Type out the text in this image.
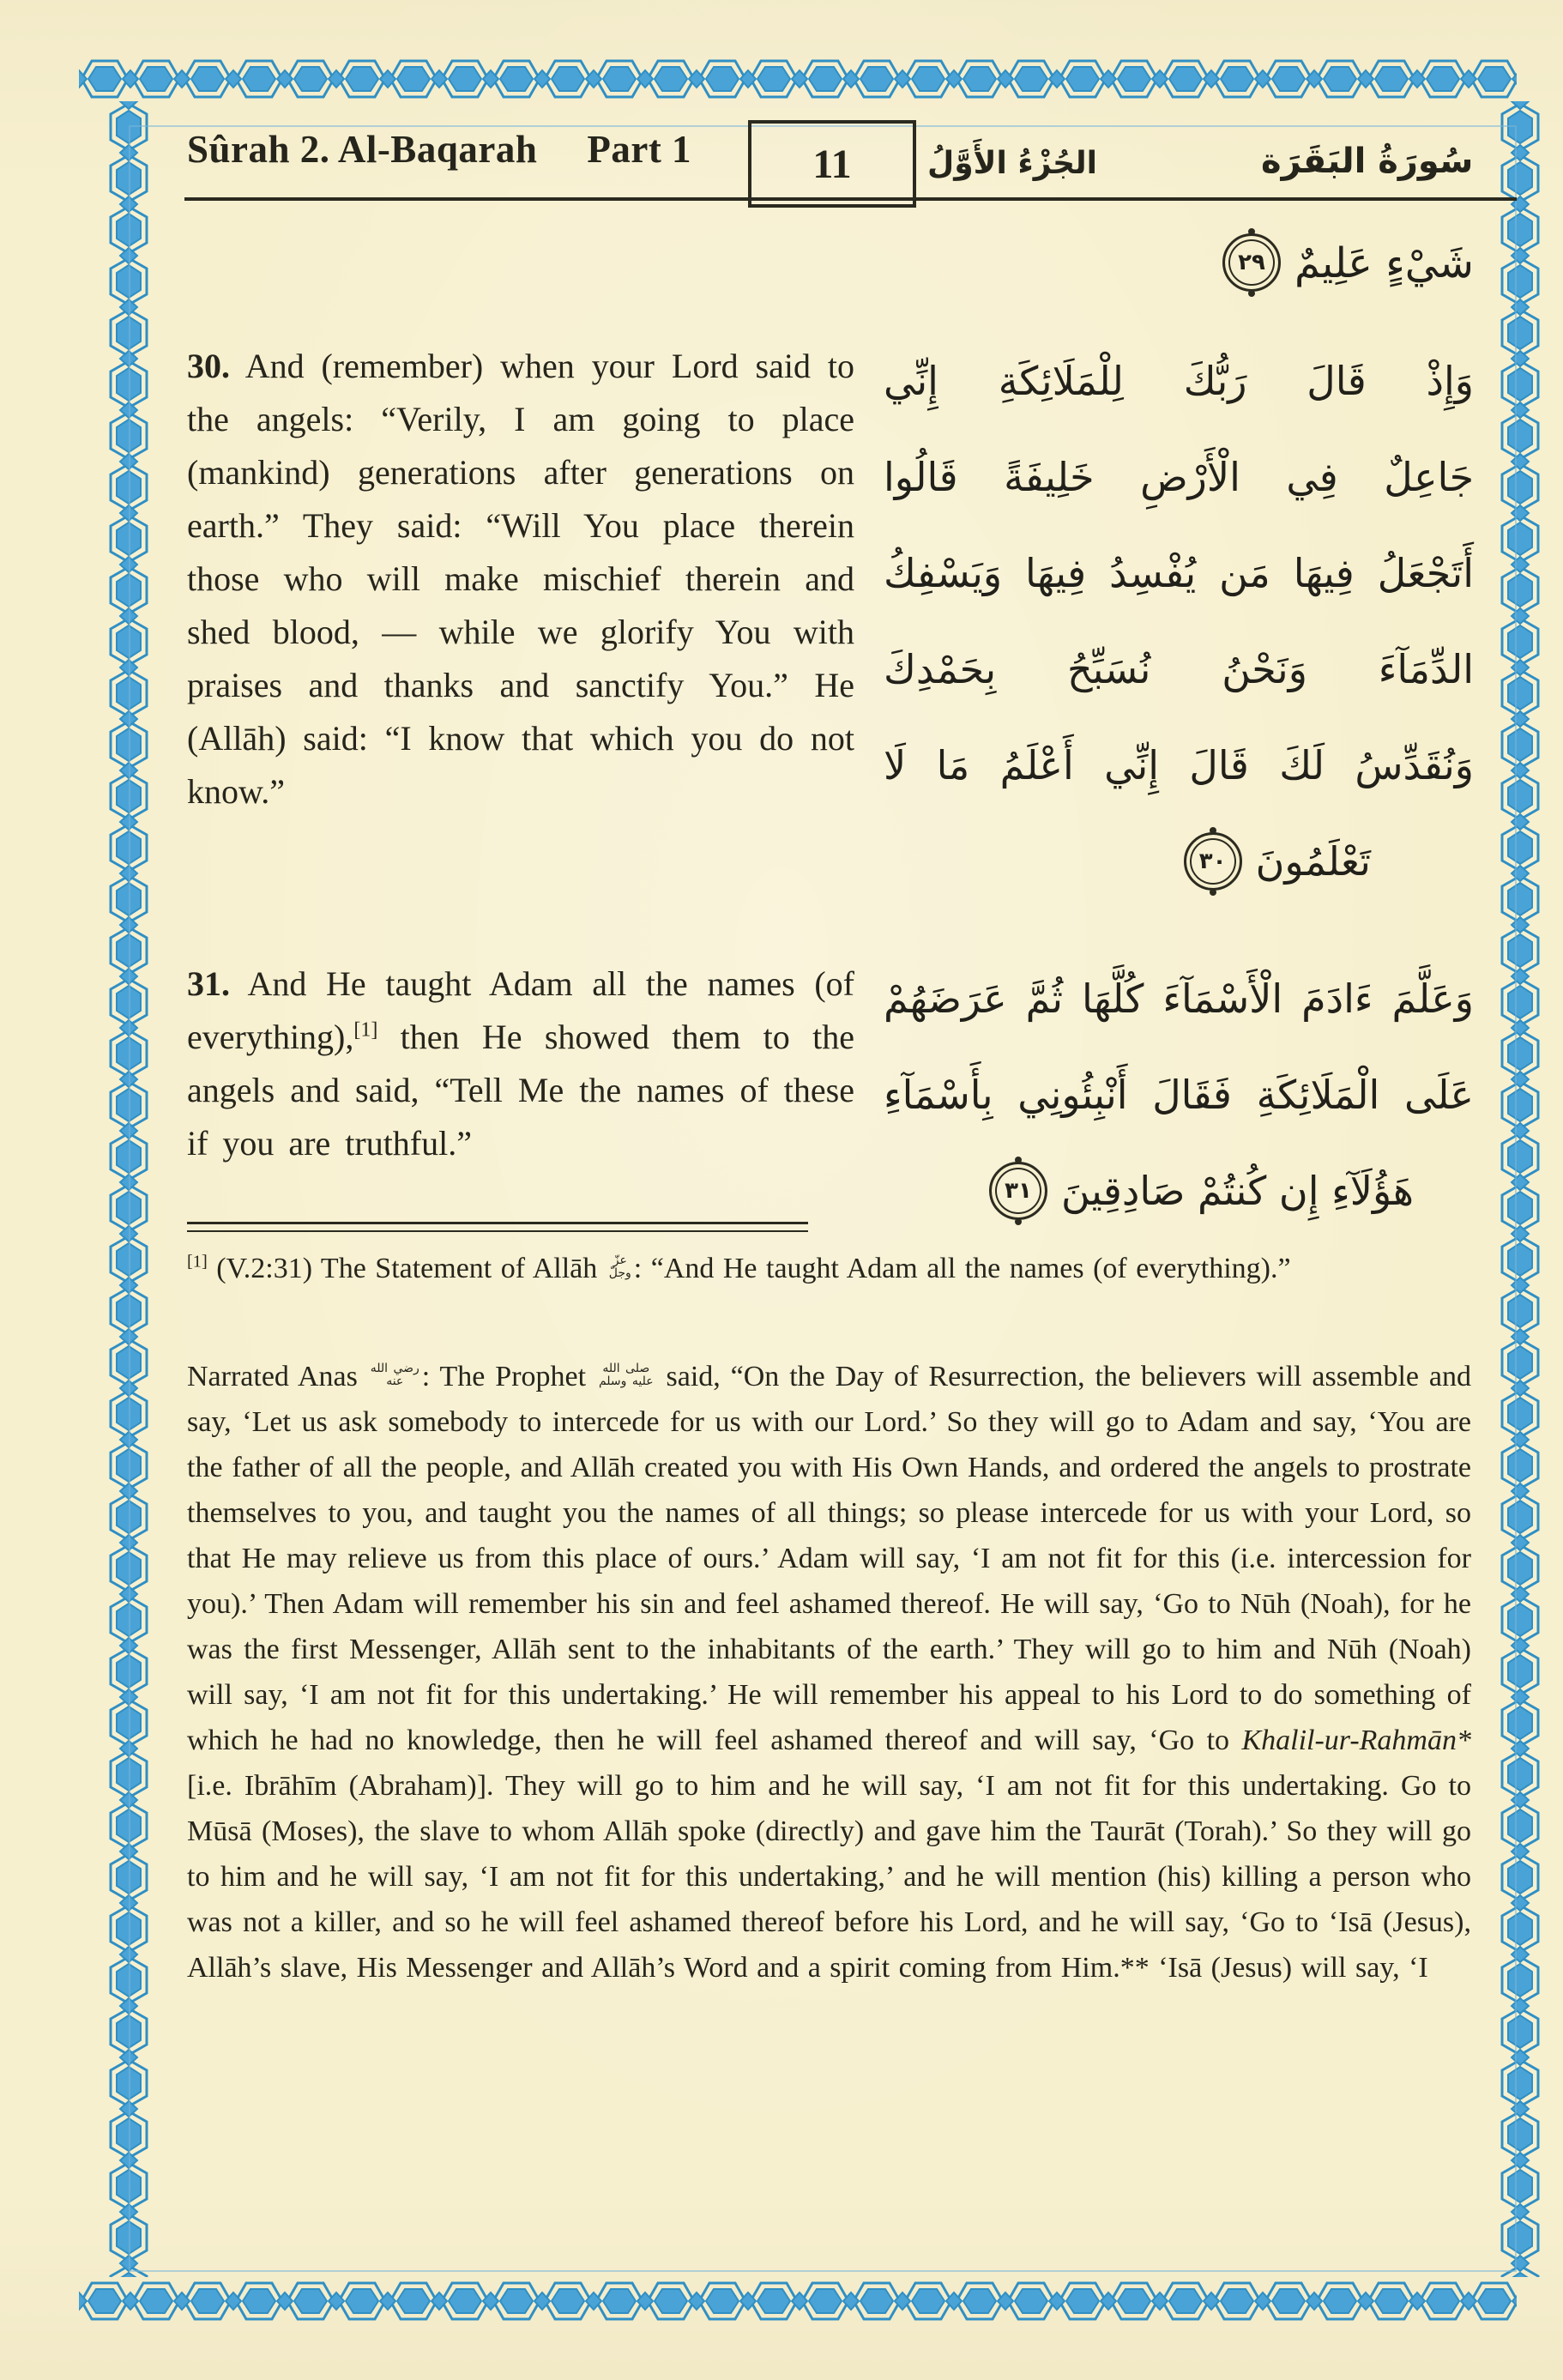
Sûrah 2. Al-Baqarah Part 1	11 الجُزْءُ الأَوَّلُ	سُورَةُ البَقَرَة
شَيْءٍ عَلِيمٌ
٢٩
وَإِذْ قَالَ رَبُّكَ لِلْمَلَائِكَةِ إِنِّي
جَاعِلٌ فِي الْأَرْضِ خَلِيفَةً قَالُوا
أَتَجْعَلُ فِيهَا مَن يُفْسِدُ فِيهَا وَيَسْفِكُ
الدِّمَآءَ وَنَحْنُ نُسَبِّحُ بِحَمْدِكَ
وَنُقَدِّسُ لَكَ قَالَ إِنِّي أَعْلَمُ مَا لَا
تَعْلَمُونَ
٣٠
وَعَلَّمَ ءَادَمَ الْأَسْمَآءَ كُلَّهَا ثُمَّ عَرَضَهُمْ
عَلَى الْمَلَائِكَةِ فَقَالَ أَنْبِئُونِي بِأَسْمَآءِ
هَؤُلَآءِ إِن كُنتُمْ صَادِقِينَ
٣١
30. And (remember) when your Lord said to the angels: “Verily, I am going to place (mankind) generations after generations on earth.” They said: “Will You place therein those who will make mischief therein and shed blood, — while we glorify You with praises and thanks and sanctify You.” He (Allāh) said: “I know that which you do not know.”
31. And He taught Adam all the names (of everything),[1] then He showed them to the angels and said, “Tell Me the names of these if you are truthful.”
[1] (V.2:31) The Statement of Allāh عزّ
وجلّ : “And He taught Adam all the names (of everything).”
Narrated Anas رضي الله
عنه : The Prophet صلى الله
عليه وسلم said, “On the Day of Resurrection, the believers will assemble and say, ‘Let us ask somebody to intercede for us with our Lord.’ So they will go to Adam and say, ‘You are the father of all the people, and Allāh created you with His Own Hands, and ordered the angels to prostrate themselves to you, and taught you the names of all things; so please intercede for us with your Lord, so that He may relieve us from this place of ours.’ Adam will say, ‘I am not fit for this (i.e. intercession for you).’ Then Adam will remember his sin and feel ashamed thereof. He will say, ‘Go to Nūh (Noah), for he was the first Messenger, Allāh sent to the inhabitants of the earth.’ They will go to him and Nūh (Noah) will say, ‘I am not fit for this undertaking.’ He will remember his appeal to his Lord to do something of which he had no knowledge, then he will feel ashamed thereof and will say, ‘Go to Khalil-ur-Rahmān* [i.e. Ibrāhīm (Abraham)]. They will go to him and he will say, ‘I am not fit for this undertaking. Go to Mūsā (Moses), the slave to whom Allāh spoke (directly) and gave him the Taurāt (Torah).’ So they will go to him and he will say, ‘I am not fit for this undertaking,’ and he will mention (his) killing a person who was not a killer, and so he will feel ashamed thereof before his Lord, and he will say, ‘Go to ‘Isā (Jesus), Allāh’s slave, His Messenger and Allāh’s Word and a spirit coming from Him.** ‘Isā (Jesus) will say, ‘I
